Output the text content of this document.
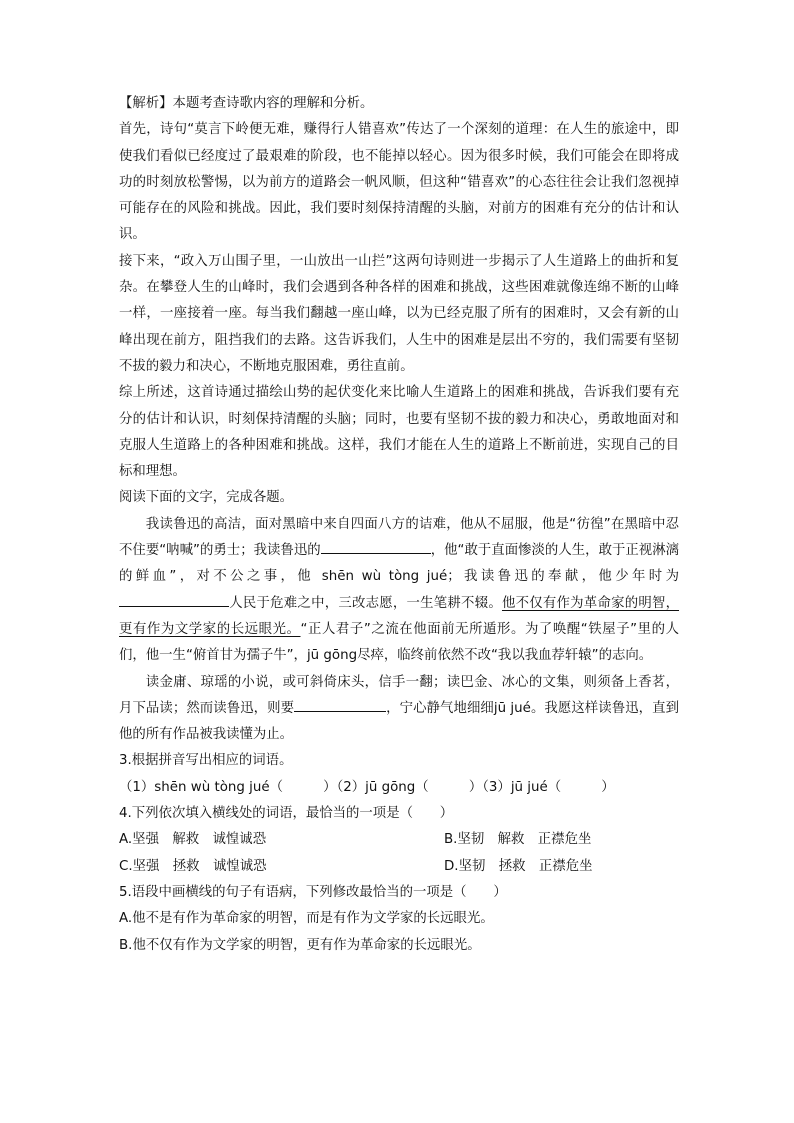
【解析】本题考查诗歌内容的理解和分析。

首先，诗句“莫言下岭便无难，赚得行人错喜欢”传达了一个深刻的道理：在人生的旅途中，即使我们看似已经度过了最艰难的阶段，也不能掉以轻心。因为很多时候，我们可能会在即将成功的时刻放松警惕，以为前方的道路会一帆风顺，但这种“错喜欢”的心态往往会让我们忽视掉可能存在的风险和挑战。因此，我们要时刻保持清醒的头脑，对前方的困难有充分的估计和认识。

接下来，“政入万山围子里，一山放出一山拦”这两句诗则进一步揭示了人生道路上的曲折和复杂。在攀登人生的山峰时，我们会遇到各种各样的困难和挑战，这些困难就像连绵不断的山峰一样，一座接着一座。每当我们翻越一座山峰，以为已经克服了所有的困难时，又会有新的山峰出现在前方，阻挡我们的去路。这告诉我们，人生中的困难是层出不穷的，我们需要有坚韧不拔的毅力和决心，不断地克服困难，勇往直前。

综上所述，这首诗通过描绘山势的起伏变化来比喻人生道路上的困难和挑战，告诉我们要有充分的估计和认识，时刻保持清醒的头脑；同时，也要有坚韧不拔的毅力和决心，勇敢地面对和克服人生道路上的各种困难和挑战。这样，我们才能在人生的道路上不断前进，实现自己的目标和理想。

阅读下面的文字，完成各题。

我读鲁迅的高洁，面对黑暗中来自四面八方的诘难，他从不屈服，他是“彷徨”在黑暗中忍不住要“呐喊”的勇士；我读鲁迅的	，他“敢于直面惨淡的人生，敢于正视淋漓的鲜血”，对不公之事，他 shēn wù tòng jué；我读鲁迅的奉献，他少年时为人民于危难之中，三改志愿，一生笔耕不辍。他不仅有作为革命家的明智，更有作为文学家的长远眼光。“正人君子”之流在他面前无所遁形。为了唤醒“铁屋子”里的人们，他一生“俯首甘为孺子牛”，jū gōng尽瘁，临终前依然不改“我以我血荐轩辕”的志向。

读金庸、琼瑶的小说，或可斜倚床头，信手一翻；读巴金、冰心的文集，则须备上香茗，月下品读；然而读鲁迅，则要	，宁心静气地细细jū jué。我愿这样读鲁迅，直到他的所有作品被我读懂为止。

3.根据拼音写出相应的词语。

（1）shēn wù tòng jué（　　　）（2）jū gōng（　　　）（3）jū jué（　　　）

4.下列依次填入横线处的词语，最恰当的一项是（　　）

A.坚强　解救　诚惶诚恐	B.坚韧　解救　正襟危坐
C.坚强　拯救　诚惶诚恐	D.坚韧　拯救　正襟危坐

5.语段中画横线的句子有语病，下列修改最恰当的一项是（　　）

A.他不是有作为革命家的明智，而是有作为文学家的长远眼光。

B.他不仅有作为文学家的明智，更有作为革命家的长远眼光。
